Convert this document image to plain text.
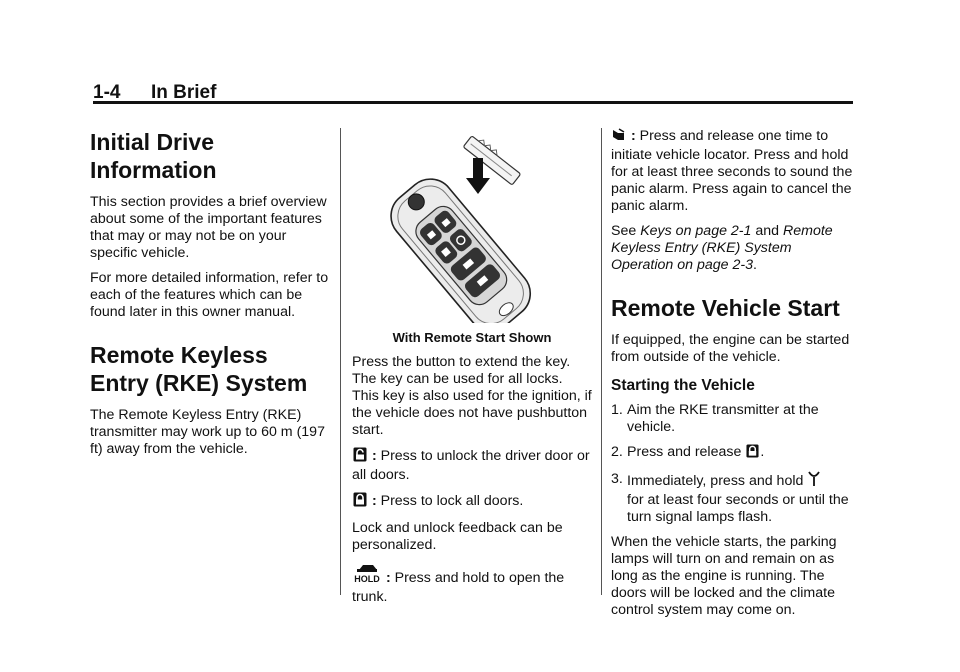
1-4 In Brief
Initial Drive Information

This section provides a brief overview about some of the important features that may or may not be on your specific vehicle.

For more detailed information, refer to each of the features which can be found later in this owner manual.

Remote Keyless Entry (RKE) System

The Remote Keyless Entry (RKE) transmitter may work up to 60 m (197 ft) away from the vehicle.

With Remote Start Shown

Press the button to extend the key. The key can be used for all locks. This key is also used for the ignition, if the vehicle does not have pushbutton start.

: Press to unlock the driver door or all doors.

: Press to lock all doors.

Lock and unlock feedback can be personalized.

HOLD : Press and hold to open the trunk.

: Press and release one time to initiate vehicle locator. Press and hold for at least three seconds to sound the panic alarm. Press again to cancel the panic alarm.

See Keys on page 2-1 and Remote Keyless Entry (RKE) System Operation on page 2-3.

Remote Vehicle Start

If equipped, the engine can be started from outside of the vehicle.

Starting the Vehicle
1. Aim the RKE transmitter at the vehicle.
2. Press and release .
3. Immediately, press and hold
for at least four seconds or until the turn signal lamps flash.

When the vehicle starts, the parking lamps will turn on and remain on as long as the engine is running. The doors will be locked and the climate control system may come on.
